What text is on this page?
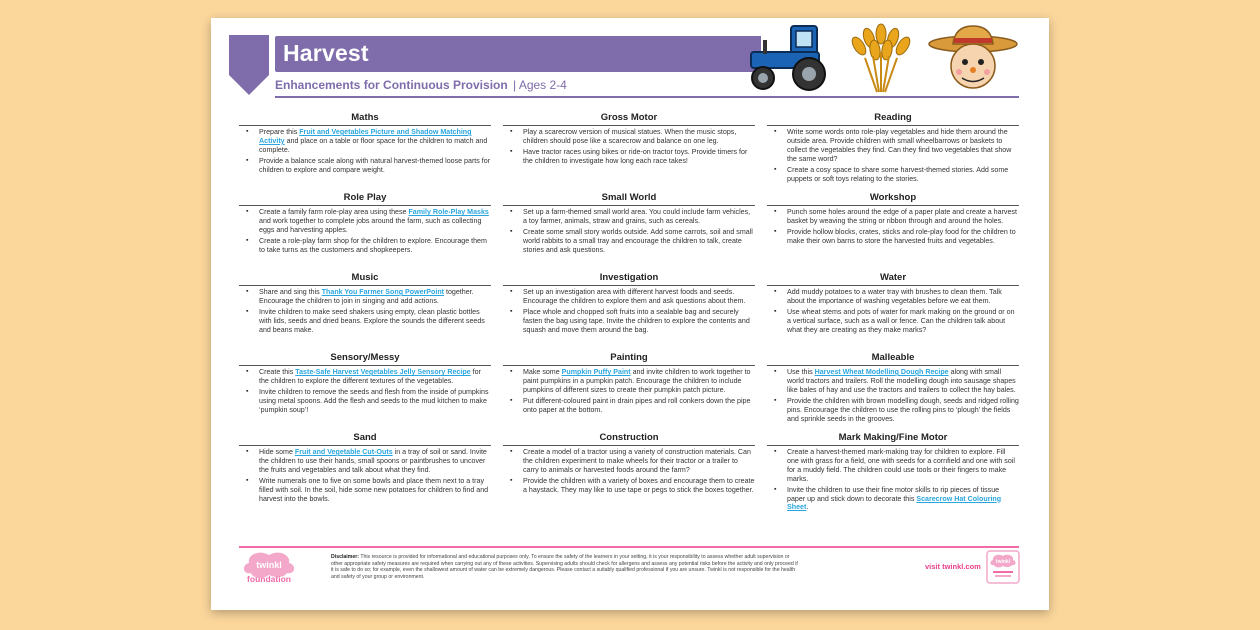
Harvest
Enhancements for Continuous Provision | Ages 2-4
Maths
▪ Prepare this Fruit and Vegetables Picture and Shadow Matching Activity and place on a table or floor space for the children to match and complete.
▪ Provide a balance scale along with natural harvest-themed loose parts for children to explore and compare weight.
Role Play
▪ Create a family farm role-play area using these Family Role-Play Masks and work together to complete jobs around the farm, such as collecting eggs and harvesting apples.
▪ Create a role-play farm shop for the children to explore. Encourage them to take turns as the customers and shopkeepers.
Music
▪ Share and sing this Thank You Farmer Song PowerPoint together. Encourage the children to join in singing and add actions.
▪ Invite children to make seed shakers using empty, clean plastic bottles with lids, seeds and dried beans. Explore the sounds the different seeds and beans make.
Sensory/Messy
▪ Create this Taste-Safe Harvest Vegetables Jelly Sensory Recipe for the children to explore the different textures of the vegetables.
▪ Invite children to remove the seeds and flesh from the inside of pumpkins using metal spoons. Add the flesh and seeds to the mud kitchen to make ‘pumpkin soup’!
Sand
▪ Hide some Fruit and Vegetable Cut-Outs in a tray of soil or sand. Invite the children to use their hands, small spoons or paintbrushes to uncover the fruits and vegetables and talk about what they find.
▪ Write numerals one to five on some bowls and place them next to a tray filled with soil. In the soil, hide some new potatoes for children to find and harvest into the bowls.
Gross Motor
▪ Play a scarecrow version of musical statues. When the music stops, children should pose like a scarecrow and balance on one leg.
▪ Have tractor races using bikes or ride-on tractor toys. Provide timers for the children to investigate how long each race takes!
Small World
▪ Set up a farm-themed small world area. You could include farm vehicles, a toy farmer, animals, straw and grains, such as cereals.
▪ Create some small story worlds outside. Add some carrots, soil and small world rabbits to a small tray and encourage the children to talk, create stories and ask questions.
Investigation
▪ Set up an investigation area with different harvest foods and seeds. Encourage the children to explore them and ask questions about them.
▪ Place whole and chopped soft fruits into a sealable bag and securely fasten the bag using tape. Invite the children to explore the contents and squash and move them around the bag.
Painting
▪ Make some Pumpkin Puffy Paint and invite children to work together to paint pumpkins in a pumpkin patch. Encourage the children to include pumpkins of different sizes to create their pumpkin patch picture.
▪ Put different-coloured paint in drain pipes and roll conkers down the pipe onto paper at the bottom.
Construction
▪ Create a model of a tractor using a variety of construction materials. Can the children experiment to make wheels for their tractor or a trailer to carry to animals or harvested foods around the farm?
▪ Provide the children with a variety of boxes and encourage them to create a haystack. They may like to use tape or pegs to stick the boxes together.
Reading
▪ Write some words onto role-play vegetables and hide them around the outside area. Provide children with small wheelbarrows or baskets to collect the vegetables they find. Can they find two vegetables that show the same word?
▪ Create a cosy space to share some harvest-themed stories. Add some puppets or soft toys relating to the stories.
Workshop
▪ Punch some holes around the edge of a paper plate and create a harvest basket by weaving the string or ribbon through and around the holes.
▪ Provide hollow blocks, crates, sticks and role-play food for the children to make their own barns to store the harvested fruits and vegetables.
Water
▪ Add muddy potatoes to a water tray with brushes to clean them. Talk about the importance of washing vegetables before we eat them.
▪ Use wheat stems and pots of water for mark making on the ground or on a vertical surface, such as a wall or fence. Can the children talk about what they are creating as they make marks?
Malleable
▪ Use this Harvest Wheat Modelling Dough Recipe along with small world tractors and trailers. Roll the modelling dough into sausage shapes like bales of hay and use the tractors and trailers to collect the hay bales.
▪ Provide the children with brown modelling dough, seeds and ridged rolling pins. Encourage the children to use the rolling pins to ‘plough’ the fields and sprinkle seeds in the grooves.
Mark Making/Fine Motor
▪ Create a harvest-themed mark-making tray for children to explore. Fill one with grass for a field, one with seeds for a cornfield and one with soil for a muddy field. The children could use tools or their fingers to make marks.
▪ Invite the children to use their fine motor skills to rip pieces of tissue paper up and stick down to decorate this Scarecrow Hat Colouring Sheet.
twinkl
foundation
Disclaimer: This resource is provided for informational and educational purposes only. To ensure the safety of the learners in your setting, it is your responsibility to assess whether adult supervision or other appropriate safety measures are required when carrying out any of these activities. Supervising adults should check for allergens and assess any potential risks before the activity and only proceed if it is safe to do so; for example, even the shallowest amount of water can be extremely dangerous. Please contact a suitably qualified professional if you are unsure. Twinkl is not responsible for the health and safety of your group or environment.
visit twinkl.com	twinkl
